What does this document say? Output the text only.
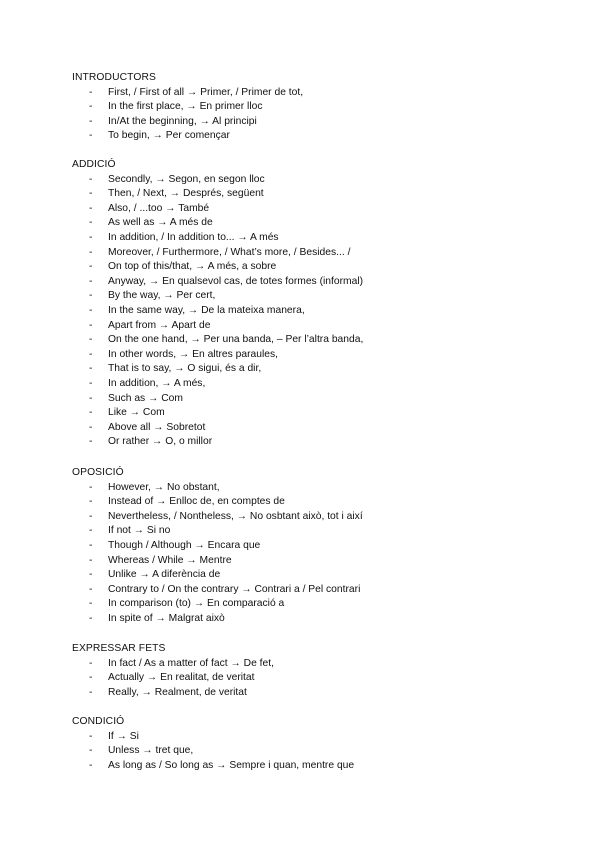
INTRODUCTORS
- First, / First of all → Primer, / Primer de tot,
- In the first place, → En primer lloc
- In/At the beginning, → Al principi
- To begin, → Per començar
ADDICIÓ
- Secondly, → Segon, en segon lloc
- Then, / Next, → Després, següent
- Also, / ...too → També
- As well as → A més de
- In addition, / In addition to... → A més
- Moreover, / Furthermore, / What’s more, / Besides... /
- On top of this/that, → A més, a sobre
- Anyway, → En qualsevol cas, de totes formes (informal)
- By the way, → Per cert,
- In the same way, → De la mateixa manera,
- Apart from → Apart de
- On the one hand, → Per una banda, – Per l’altra banda,
- In other words, → En altres paraules,
- That is to say, → O sigui, és a dir,
- In addition, → A més,
- Such as → Com
- Like → Com
- Above all → Sobretot
- Or rather → O, o millor
OPOSICIÓ
- However, → No obstant,
- Instead of → Enlloc de, en comptes de
- Nevertheless, / Nontheless, → No osbtant això, tot i així
- If not → Si no
- Though / Although → Encara que
- Whereas / While → Mentre
- Unlike → A diferència de
- Contrary to / On the contrary → Contrari a / Pel contrari
- In comparison (to) → En comparació a
- In spite of → Malgrat això
EXPRESSAR FETS
- In fact / As a matter of fact → De fet,
- Actually → En realitat, de veritat
- Really, → Realment, de veritat
CONDICIÓ
- If → Si
- Unless → tret que,
- As long as / So long as → Sempre i quan, mentre que
